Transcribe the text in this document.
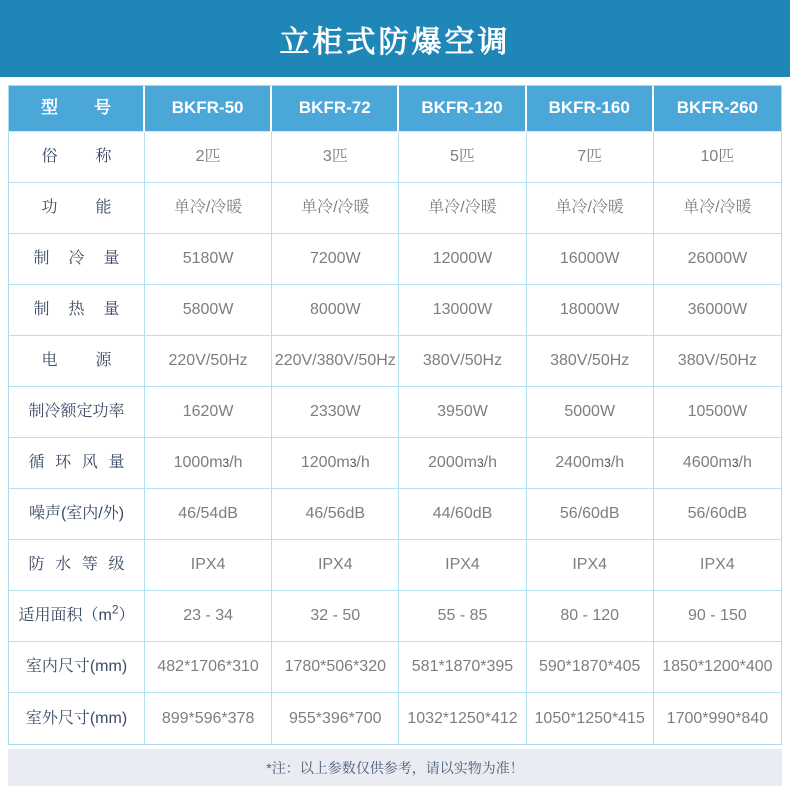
立柜式防爆空调
型号	BKFR-50	BKFR-72	BKFR-120	BKFR-160	BKFR-260
俗称	2匹	3匹	5匹	7匹	10匹
功能	单冷/冷暖	单冷/冷暖	单冷/冷暖	单冷/冷暖	单冷/冷暖
制冷量	5180W	7200W	12000W	16000W	26000W
制热量	5800W	8000W	13000W	18000W	36000W
电源	220V/50Hz	220V/380V/50Hz	380V/50Hz	380V/50Hz	380V/50Hz
制冷额定功率	1620W	2330W	3950W	5000W	10500W
循环风量	1000m 3 /h	1200m 3 /h	2000m 3 /h	2400m 3 /h	4600m 3 /h
噪声(室内/外)	46/54dB	46/56dB	44/60dB	56/60dB	56/60dB
防水等级	IPX4	IPX4	IPX4	IPX4	IPX4
适用面积$(m^2)$	23 - 34	32 - 50	55 - 85	80 - 120	90 - 150
室内尺寸(mm)	482*1706*310	1780*506*320	581*1870*395	590*1870*405	1850*1200*400
室外尺寸(mm)	899*596*378	955*396*700	1032*1250*412	1050*1250*415	1700*990*840
*注：以上参数仅供参考，请以实物为准！
